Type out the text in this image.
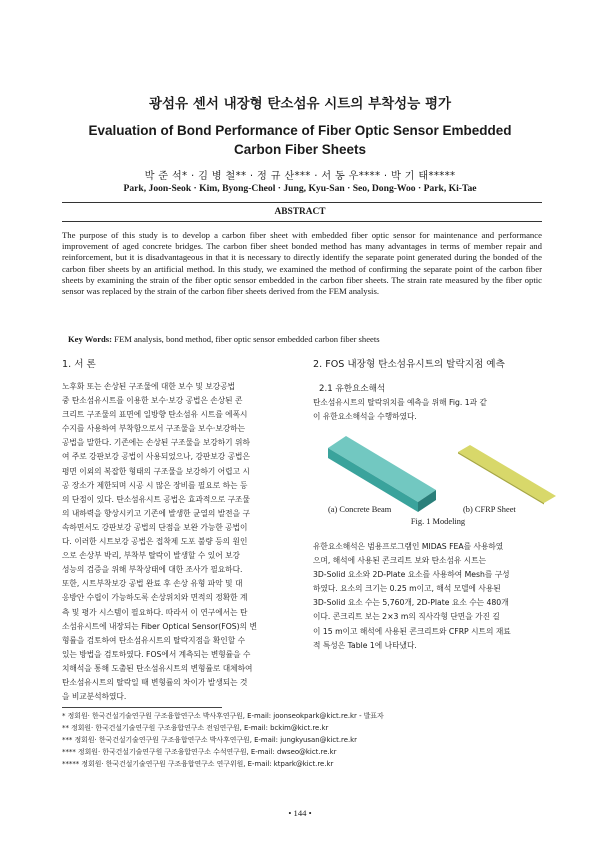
광섬유 센서 내장형 탄소섬유 시트의 부착성능 평가
Evaluation of Bond Performance of Fiber Optic Sensor Embedded
Carbon Fiber Sheets
박 준 석* · 김 병 철** · 정 규 산*** · 서 동 우**** · 박 기 태*****
Park, Joon-Seok · Kim, Byong-Cheol · Jung, Kyu-San · Seo, Dong-Woo · Park, Ki-Tae
ABSTRACT
The purpose of this study is to develop a carbon fiber sheet with embedded fiber optic sensor for maintenance and performance improvement of aged concrete bridges. The carbon fiber sheet bonded method has many advantages in terms of member repair and reinforcement, but it is disadvantageous in that it is necessary to directly identify the separate point generated during the bonded of the carbon fiber sheets by an artificial method. In this study, we examined the method of confirming the separate point of the carbon fiber sheets by examining the strain of the fiber optic sensor embedded in the carbon fiber sheets. The strain rate measured by the fiber optic sensor was replaced by the strain of the carbon fiber sheets derived from the FEM analysis.
Key Words: FEM analysis, bond method, fiber optic sensor embedded carbon fiber sheets
1. 서 론
노후화 또는 손상된 구조물에 대한 보수 및 보강공법
중 탄소섬유시트를 이용한 보수·보강 공법은 손상된 콘
크리트 구조물의 표면에 일방향 탄소섬유 시트를 에폭시
수지를 사용하여 부착함으로서 구조물을 보수·보강하는
공법을 말한다. 기존에는 손상된 구조물을 보강하기 위하
여 주로 강판보강 공법이 사용되었으나, 강판보강 공법은
평면 이외의 복잡한 형태의 구조물을 보강하기 어렵고 시
공 장소가 제한되며 시공 시 많은 장비를 필요로 하는 등
의 단점이 있다. 탄소섬유시트 공법은 효과적으로 구조물
의 내하력을 향상시키고 기존에 발생한 균열의 발전을 구
속하면서도 강판보강 공법의 단점을 보완 가능한 공법이
다. 이러한 시트보강 공법은 접착제 도포 불량 등의 원인
으로 손상부 박리, 부착부 탈락이 발생할 수 있어 보강
성능의 검증을 위해 부착상태에 대한 조사가 필요하다.
또한, 시트부착보강 공법 완료 후 손상 유형 파악 및 대
응방안 수립이 가능하도록 손상위치와 면적의 정확한 계
측 및 평가 시스템이 필요하다. 따라서 이 연구에서는 탄
소섬유시트에 내장되는 Fiber Optical Sensor(FOS)의 변
형률을 검토하여 탄소섬유시트의 탈락지점을 확인할 수
있는 방법을 검토하였다. FOS에서 계측되는 변형률을 수
치해석을 통해 도출된 탄소섬유시트의 변형률로 대체하여
탄소섬유시트의 탈락일 때 변형률의 차이가 발생되는 것
을 비교분석하였다.
2. FOS 내장형 탄소섬유시트의 탈락지점 예측
2.1 유한요소해석
탄소섬유시트의 탈락위치를 예측을 위해 Fig. 1과 같
이 유한요소해석을 수행하였다.
(a) Concrete Beam	(b) CFRP Sheet
Fig. 1 Modeling
유한요소해석은 범용프로그램인 MIDAS FEA를 사용하였
으며, 해석에 사용된 콘크리트 보와 탄소섬유 시트는
3D-Solid 요소와 2D-Plate 요소를 사용하여 Mesh를 구성
하였다. 요소의 크기는 0.25 m이고, 해석 모델에 사용된
3D-Solid 요소 수는 5,760개, 2D-Plate 요소 수는 480개
이다. 콘크리트 보는 2×3 m의 직사각형 단면을 가진 길
이 15 m이고 해석에 사용된 콘크리트와 CFRP 시트의 재료
적 특성은 Table 1에 나타냈다.
* 정회원· 한국건설기술연구원 구조융합연구소 박사후연구원, E-mail: joonseokpark@kict.re.kr - 발표자
** 정회원· 한국건설기술연구원 구조융합연구소 전임연구원, E-mail: bckim@kict.re.kr
*** 정회원· 한국건설기술연구원 구조융합연구소 박사후연구원, E-mail: jungkyusan@kict.re.kr
**** 정회원· 한국건설기술연구원 구조융합연구소 수석연구원, E-mail: dwseo@kict.re.kr
***** 정회원· 한국건설기술연구원 구조융합연구소 연구위원, E-mail: ktpark@kict.re.kr
• 144 •
